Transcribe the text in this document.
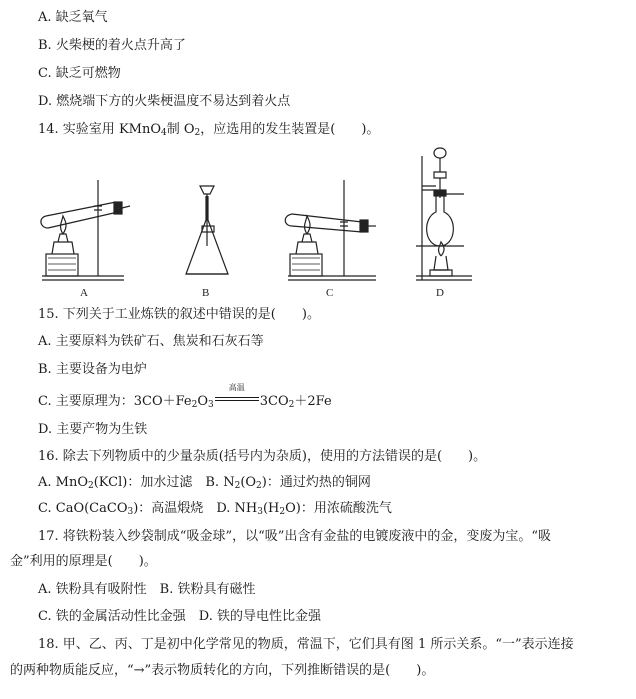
A. 缺乏氧气
B. 火柴梗的着火点升高了
C. 缺乏可燃物
D. 燃烧端下方的火柴梗温度不易达到着火点
14. 实验室用 KMnO$_4$制 $O_2$，应选用的发生装置是(　　)。
A	B	C	D
15. 下列关于工业炼铁的叙述中错误的是(　　)。
A. 主要原料为铁矿石、焦炭和石灰石等
B. 主要设备为电炉
C. 主要原理为：$3CO+Fe_2O_3$
高温
$3CO_2+2Fe$
D. 主要产物为生铁
16. 除去下列物质中的少量杂质(括号内为杂质)，使用的方法错误的是(　　)。
A. MnO$_2$(KCl)：加水过滤　 B. $N_2(O_2)$：通过灼热的铜网
C. CaO(CaCO$_3$)：高温煅烧　 D. $NH_3(H_2O)$：用浓硫酸洗气
17. 将铁粉装入纱袋制成“吸金球”，以“吸”出含有金盐的电镀废液中的金，变废为宝。“吸
金”利用的原理是(　　)。
A. 铁粉具有吸附性　B. 铁粉具有磁性
C. 铁的金属活动性比金强　D. 铁的导电性比金强
18. 甲、乙、丙、丁是初中化学常见的物质，常温下，它们具有图 1 所示关系。“一”表示连接
的两种物质能反应，“→”表示物质转化的方向，下列推断错误的是(　　)。
